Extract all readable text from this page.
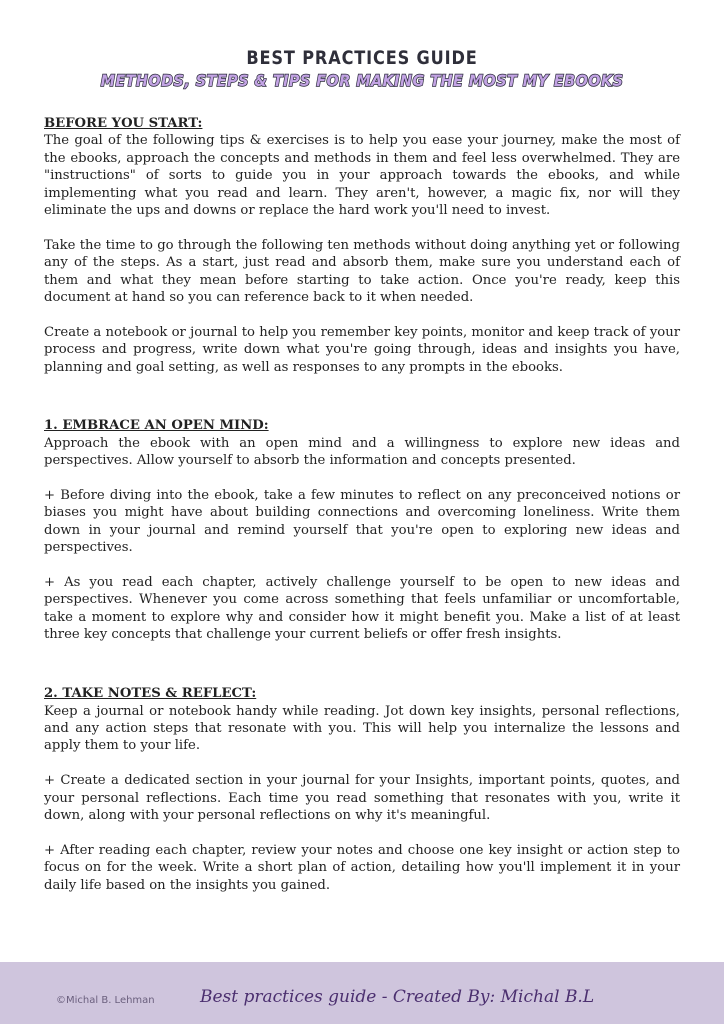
BEST PRACTICES GUIDE
METHODS, STEPS & TIPS FOR MAKING THE MOST MY EBOOKS
BEFORE YOU START:

The goal of the following tips & exercises is to help you ease your journey, make the most of the ebooks, approach the concepts and methods in them and feel less overwhelmed. They are "instructions" of sorts to guide you in your approach towards the ebooks, and while implementing what you read and learn. They aren't, however, a magic fix, nor will they eliminate the ups and downs or replace the hard work you'll need to invest.

Take the time to go through the following ten methods without doing anything yet or following any of the steps. As a start, just read and absorb them, make sure you understand each of them and what they mean before starting to take action. Once you're ready, keep this document at hand so you can reference back to it when needed.

Create a notebook or journal to help you remember key points, monitor and keep track of your process and progress, write down what you're going through, ideas and insights you have, planning and goal setting, as well as responses to any prompts in the ebooks.

1. EMBRACE AN OPEN MIND:

Approach the ebook with an open mind and a willingness to explore new ideas and perspectives. Allow yourself to absorb the information and concepts presented.

+ Before diving into the ebook, take a few minutes to reflect on any preconceived notions or biases you might have about building connections and overcoming loneliness. Write them down in your journal and remind yourself that you're open to exploring new ideas and perspectives.

+ As you read each chapter, actively challenge yourself to be open to new ideas and perspectives. Whenever you come across something that feels unfamiliar or uncomfortable, take a moment to explore why and consider how it might benefit you. Make a list of at least three key concepts that challenge your current beliefs or offer fresh insights.

2. TAKE NOTES & REFLECT:

Keep a journal or notebook handy while reading. Jot down key insights, personal reflections, and any action steps that resonate with you. This will help you internalize the lessons and apply them to your life.

+ Create a dedicated section in your journal for your Insights, important points, quotes, and your personal reflections. Each time you read something that resonates with you, write it down, along with your personal reflections on why it's meaningful.

+ After reading each chapter, review your notes and choose one key insight or action step to focus on for the week. Write a short plan of action, detailing how you'll implement it in your daily life based on the insights you gained.

©Michal B. Lehman	Best practices guide - Created By: Michal B.L
